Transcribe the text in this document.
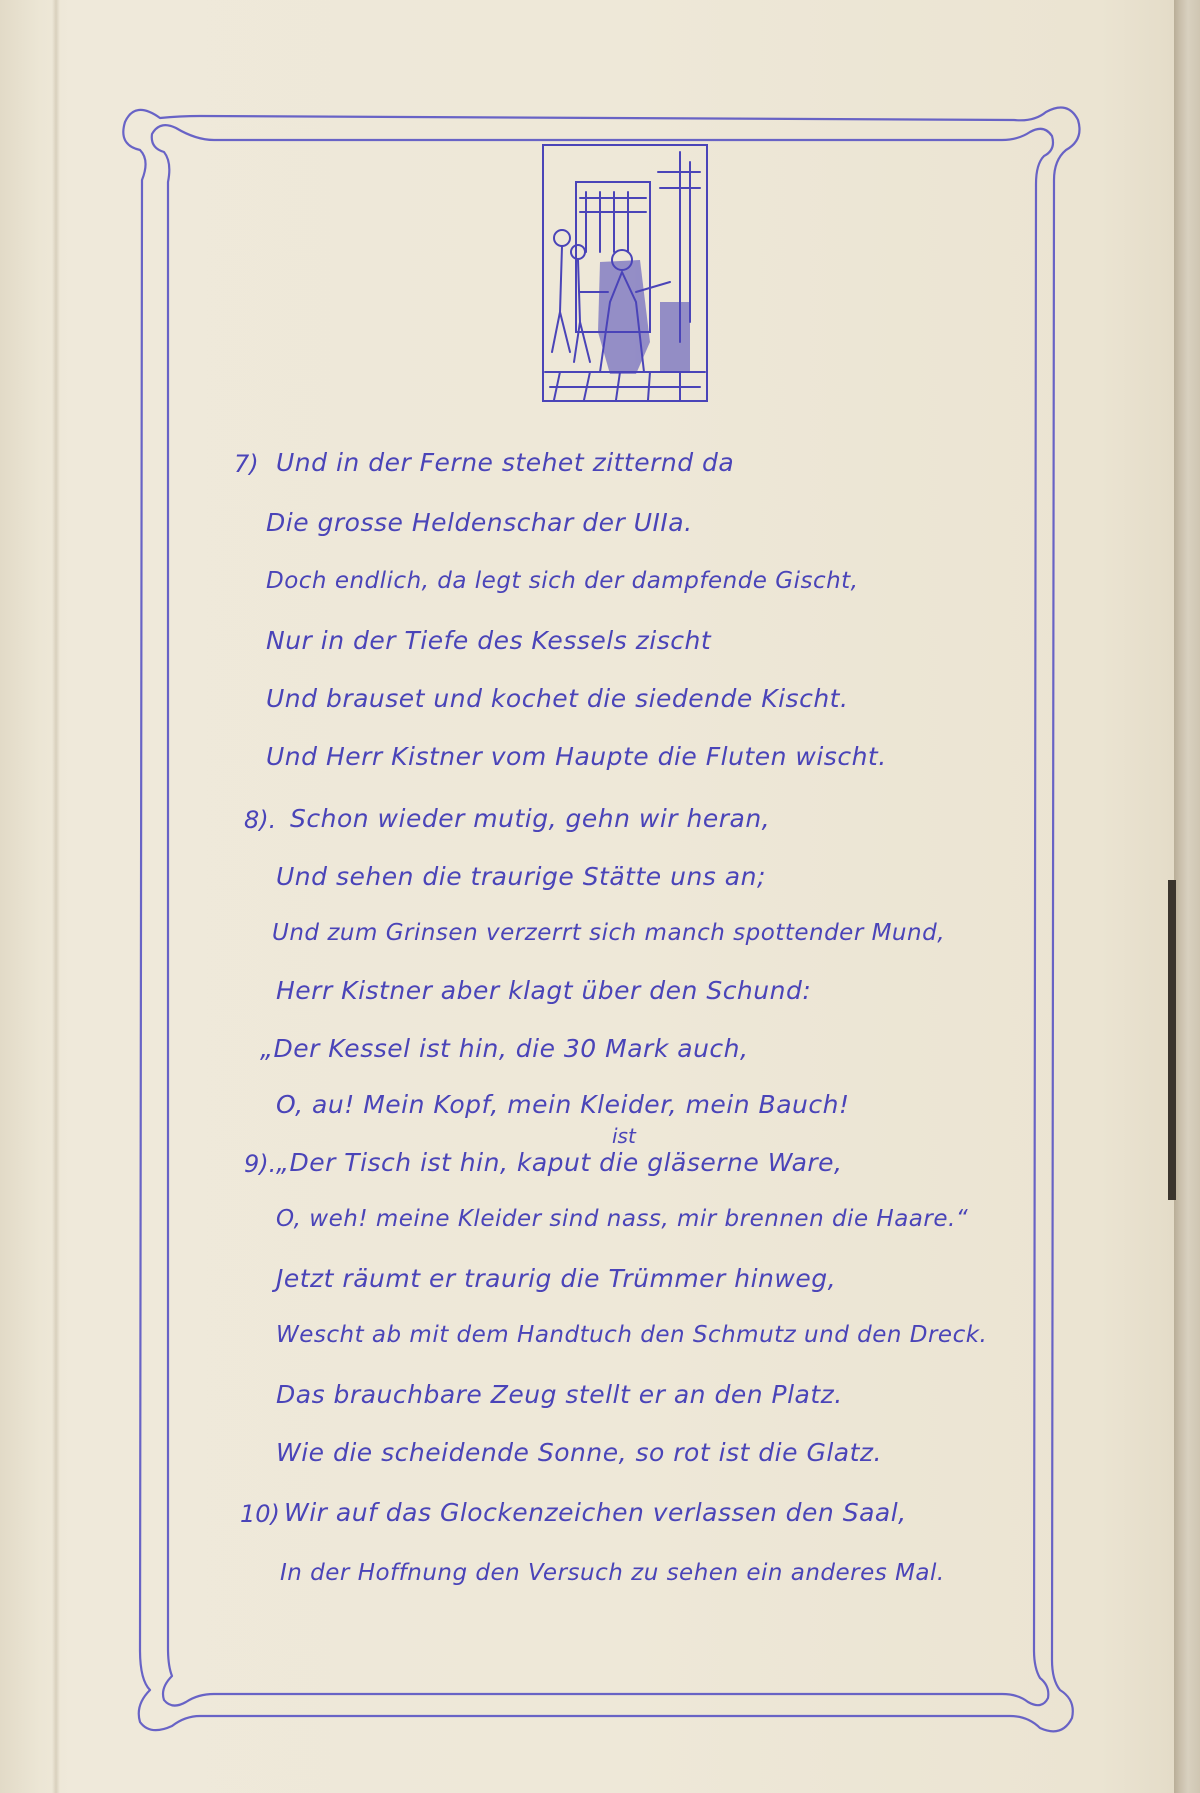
7) Und in der Ferne stehet zitternd da
Die grosse Heldenschar der UIIa.
Doch endlich, da legt sich der dampfende Gischt,
Nur in der Tiefe des Kessels zischt
Und brauset und kochet die siedende Kischt.
Und Herr Kistner vom Haupte die Fluten wischt.
8). Schon wieder mutig, gehn wir heran,
Und sehen die traurige Stätte uns an;
Und zum Grinsen verzerrt sich manch spottender Mund,
Herr Kistner aber klagt über den Schund:
„Der Kessel ist hin, die 30 Mark auch,
O, au! Mein Kopf, mein Kleider, mein Bauch!
ist
9). „Der Tisch ist hin, kaput die gläserne Ware,
O, weh! meine Kleider sind nass, mir brennen die Haare.“
Jetzt räumt er traurig die Trümmer hinweg,
Wescht ab mit dem Handtuch den Schmutz und den Dreck.
Das brauchbare Zeug stellt er an den Platz.
Wie die scheidende Sonne, so rot ist die Glatz.
10) Wir auf das Glockenzeichen verlassen den Saal,
In der Hoffnung den Versuch zu sehen ein anderes Mal.
